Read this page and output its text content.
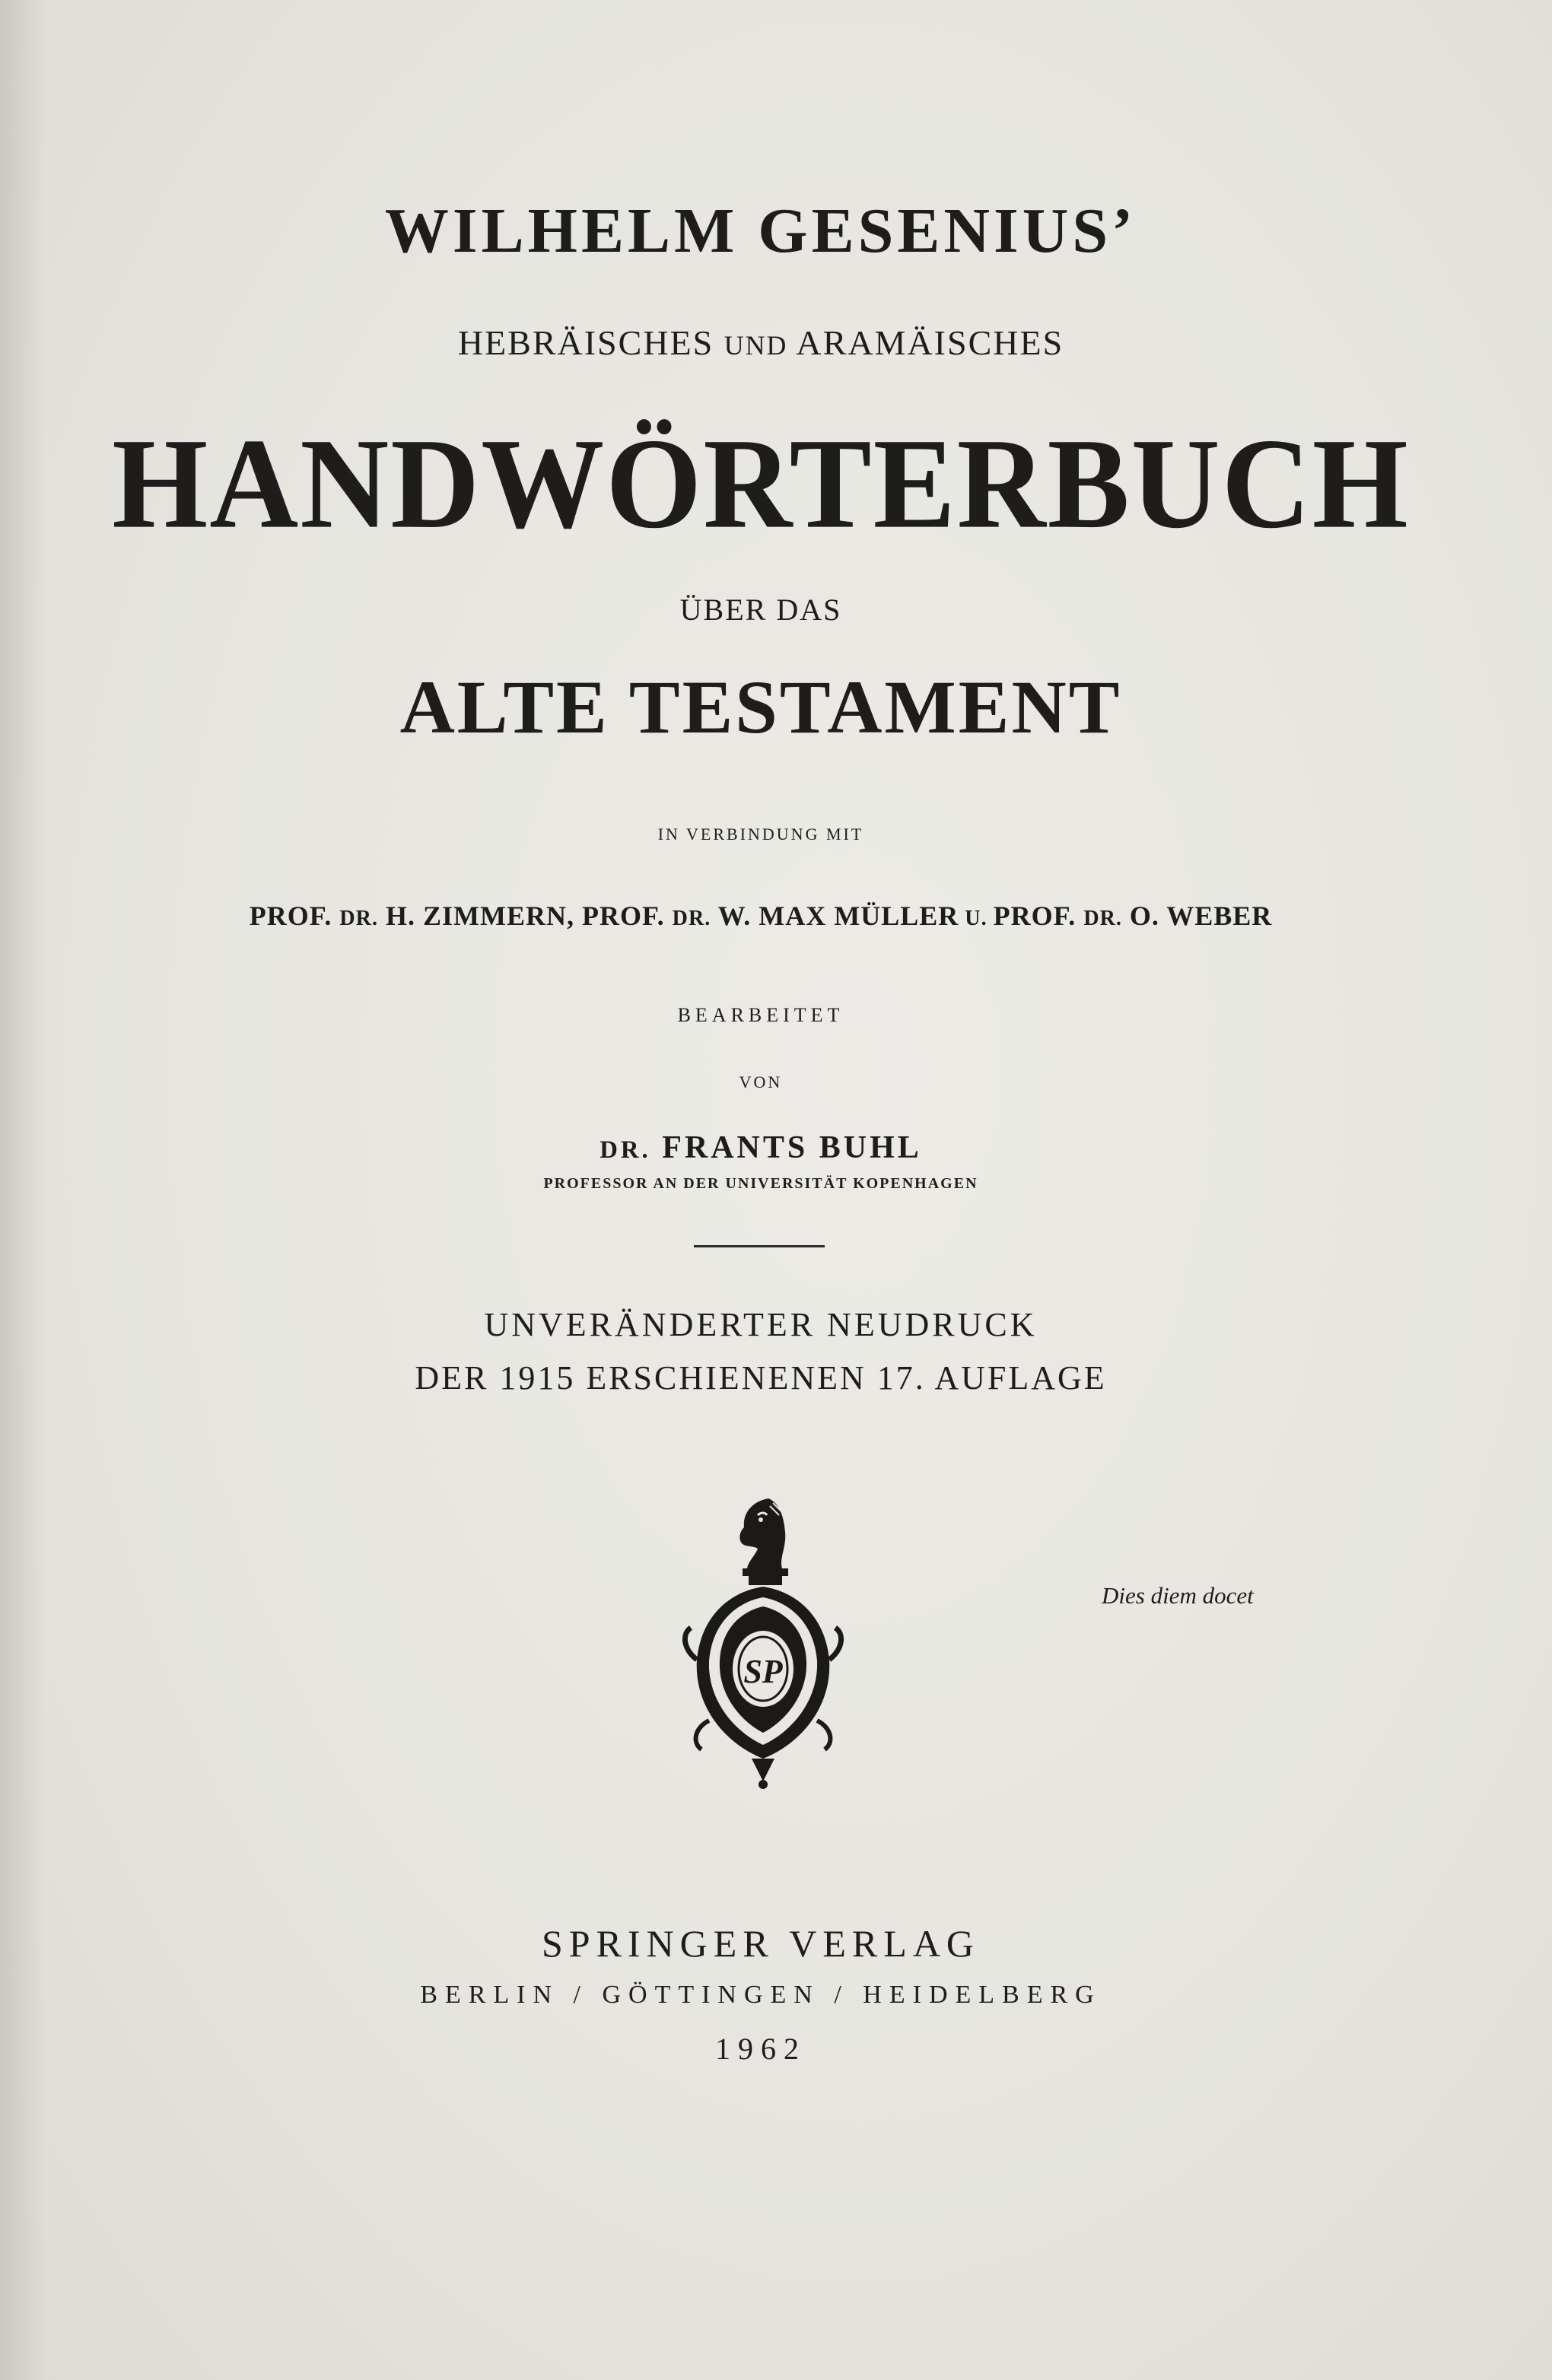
WILHELM GESENIUS’
HEBRÄISCHES UND ARAMÄISCHES
HANDWÖRTERBUCH
ÜBER DAS
ALTE TESTAMENT
IN VERBINDUNG MIT
PROF. DR. H. ZIMMERN, PROF. DR. W. MAX MÜLLER U. PROF. DR. O. WEBER
BEARBEITET
VON
DR. FRANTS BUHL
PROFESSOR AN DER UNIVERSITÄT KOPENHAGEN
UNVERÄNDERTER NEUDRUCK
DER 1915 ERSCHIENENEN 17. AUFLAGE
SP
Dies diem docet
SPRINGER VERLAG
BERLIN / GÖTTINGEN / HEIDELBERG
1962
